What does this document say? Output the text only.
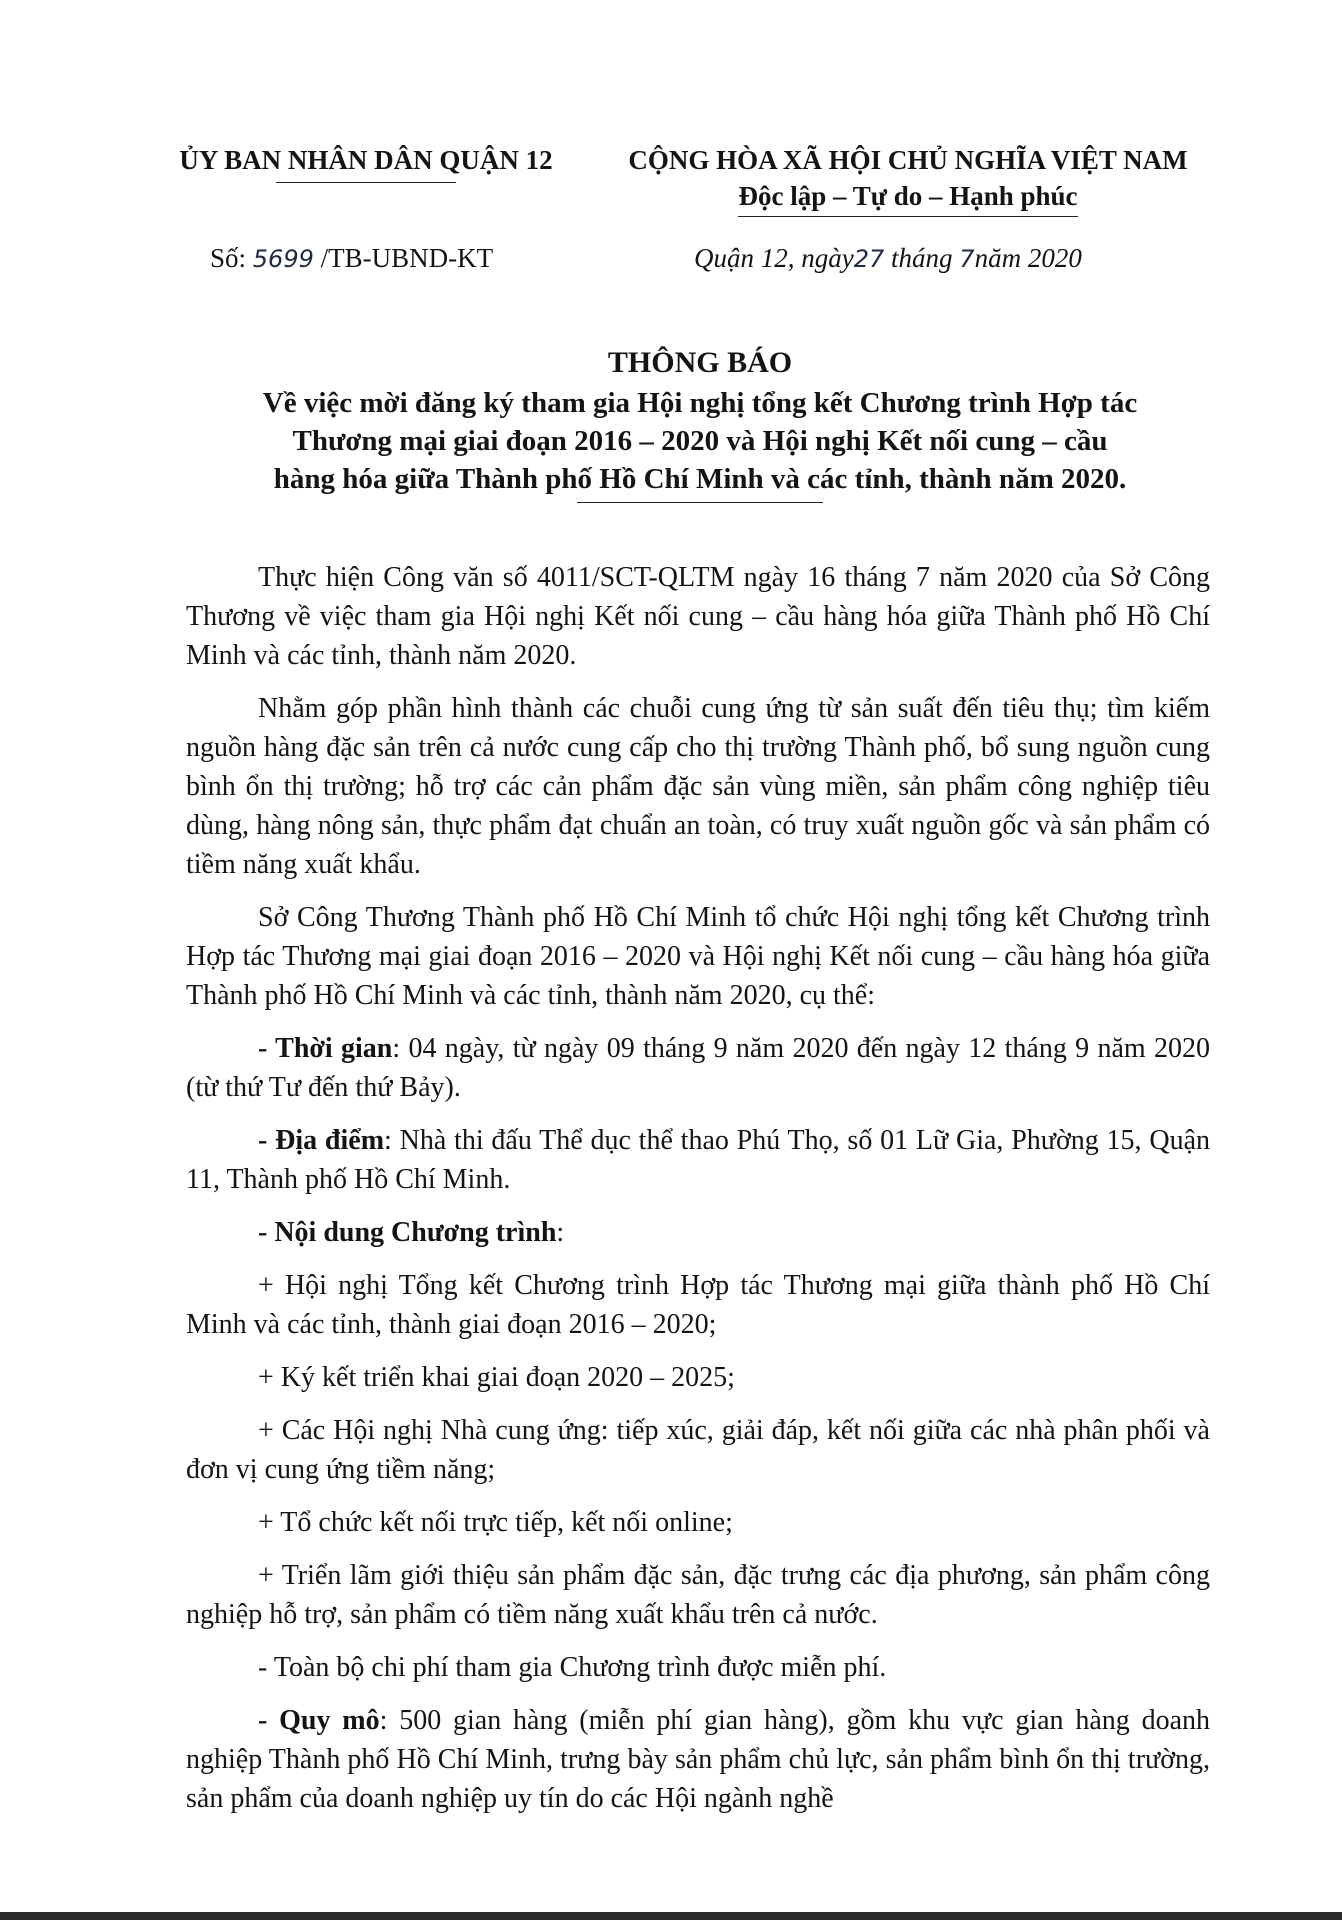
ỦY BAN NHÂN DÂN QUẬN 12	CỘNG HÒA XÃ HỘI CHỦ NGHĨA VIỆT NAM
Độc lập – Tự do – Hạnh phúc
Số: 5699 /TB-UBND-KT	Quận 12, ngày27 tháng 7năm 2020
THÔNG BÁO
Về việc mời đăng ký tham gia Hội nghị tổng kết Chương trình Hợp tác
Thương mại giai đoạn 2016 – 2020 và Hội nghị Kết nối cung – cầu
hàng hóa giữa Thành phố Hồ Chí Minh và các tỉnh, thành năm 2020.

Thực hiện Công văn số 4011/SCT-QLTM ngày 16 tháng 7 năm 2020 của Sở Công Thương về việc tham gia Hội nghị Kết nối cung – cầu hàng hóa giữa Thành phố Hồ Chí Minh và các tỉnh, thành năm 2020.

Nhằm góp phần hình thành các chuỗi cung ứng từ sản suất đến tiêu thụ; tìm kiếm nguồn hàng đặc sản trên cả nước cung cấp cho thị trường Thành phố, bổ sung nguồn cung bình ổn thị trường; hỗ trợ các cản phẩm đặc sản vùng miền, sản phẩm công nghiệp tiêu dùng, hàng nông sản, thực phẩm đạt chuẩn an toàn, có truy xuất nguồn gốc và sản phẩm có tiềm năng xuất khẩu.

Sở Công Thương Thành phố Hồ Chí Minh tổ chức Hội nghị tổng kết Chương trình Hợp tác Thương mại giai đoạn 2016 – 2020 và Hội nghị Kết nối cung – cầu hàng hóa giữa Thành phố Hồ Chí Minh và các tỉnh, thành năm 2020, cụ thể:

- Thời gian: 04 ngày, từ ngày 09 tháng 9 năm 2020 đến ngày 12 tháng 9 năm 2020 (từ thứ Tư đến thứ Bảy).

- Địa điểm: Nhà thi đấu Thể dục thể thao Phú Thọ, số 01 Lữ Gia, Phường 15, Quận 11, Thành phố Hồ Chí Minh.

- Nội dung Chương trình:

+ Hội nghị Tổng kết Chương trình Hợp tác Thương mại giữa thành phố Hồ Chí Minh và các tỉnh, thành giai đoạn 2016 – 2020;

+ Ký kết triển khai giai đoạn 2020 – 2025;

+ Các Hội nghị Nhà cung ứng: tiếp xúc, giải đáp, kết nối giữa các nhà phân phối và đơn vị cung ứng tiềm năng;

+ Tổ chức kết nối trực tiếp, kết nối online;

+ Triển lãm giới thiệu sản phẩm đặc sản, đặc trưng các địa phương, sản phẩm công nghiệp hỗ trợ, sản phẩm có tiềm năng xuất khẩu trên cả nước.

- Toàn bộ chi phí tham gia Chương trình được miễn phí.

- Quy mô: 500 gian hàng (miễn phí gian hàng), gồm khu vực gian hàng doanh nghiệp Thành phố Hồ Chí Minh, trưng bày sản phẩm chủ lực, sản phẩm bình ổn thị trường, sản phẩm của doanh nghiệp uy tín do các Hội ngành nghề
